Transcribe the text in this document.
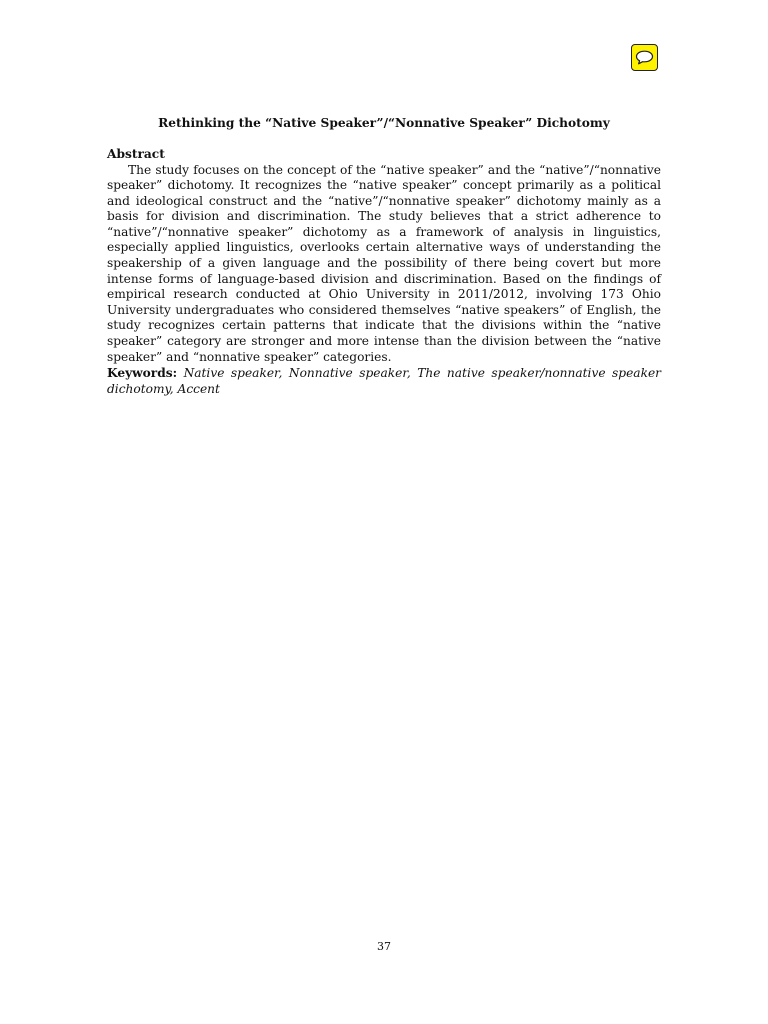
Rethinking the “Native Speaker”/“Nonnative Speaker” Dichotomy
Abstract

The study focuses on the concept of the “native speaker” and the “native”/“nonnative speaker” dichotomy. It recognizes the “native speaker” concept primarily as a political and ideological construct and the “native”/“nonnative speaker” dichotomy mainly as a basis for division and discrimination. The study believes that a strict adherence to “native”/“nonnative speaker” dichotomy as a framework of analysis in linguistics, especially applied linguistics, overlooks certain alternative ways of understanding the speakership of a given language and the possibility of there being covert but more intense forms of language-based division and discrimination. Based on the findings of empirical research conducted at Ohio University in 2011/2012, involving 173 Ohio University undergraduates who considered themselves “native speakers” of English, the study recognizes certain patterns that indicate that the divisions within the “native speaker” category are stronger and more intense than the division between the “native speaker” and “nonnative speaker” categories.

Keywords: Native speaker, Nonnative speaker, The native speaker/nonnative speaker dichotomy, Accent

37
